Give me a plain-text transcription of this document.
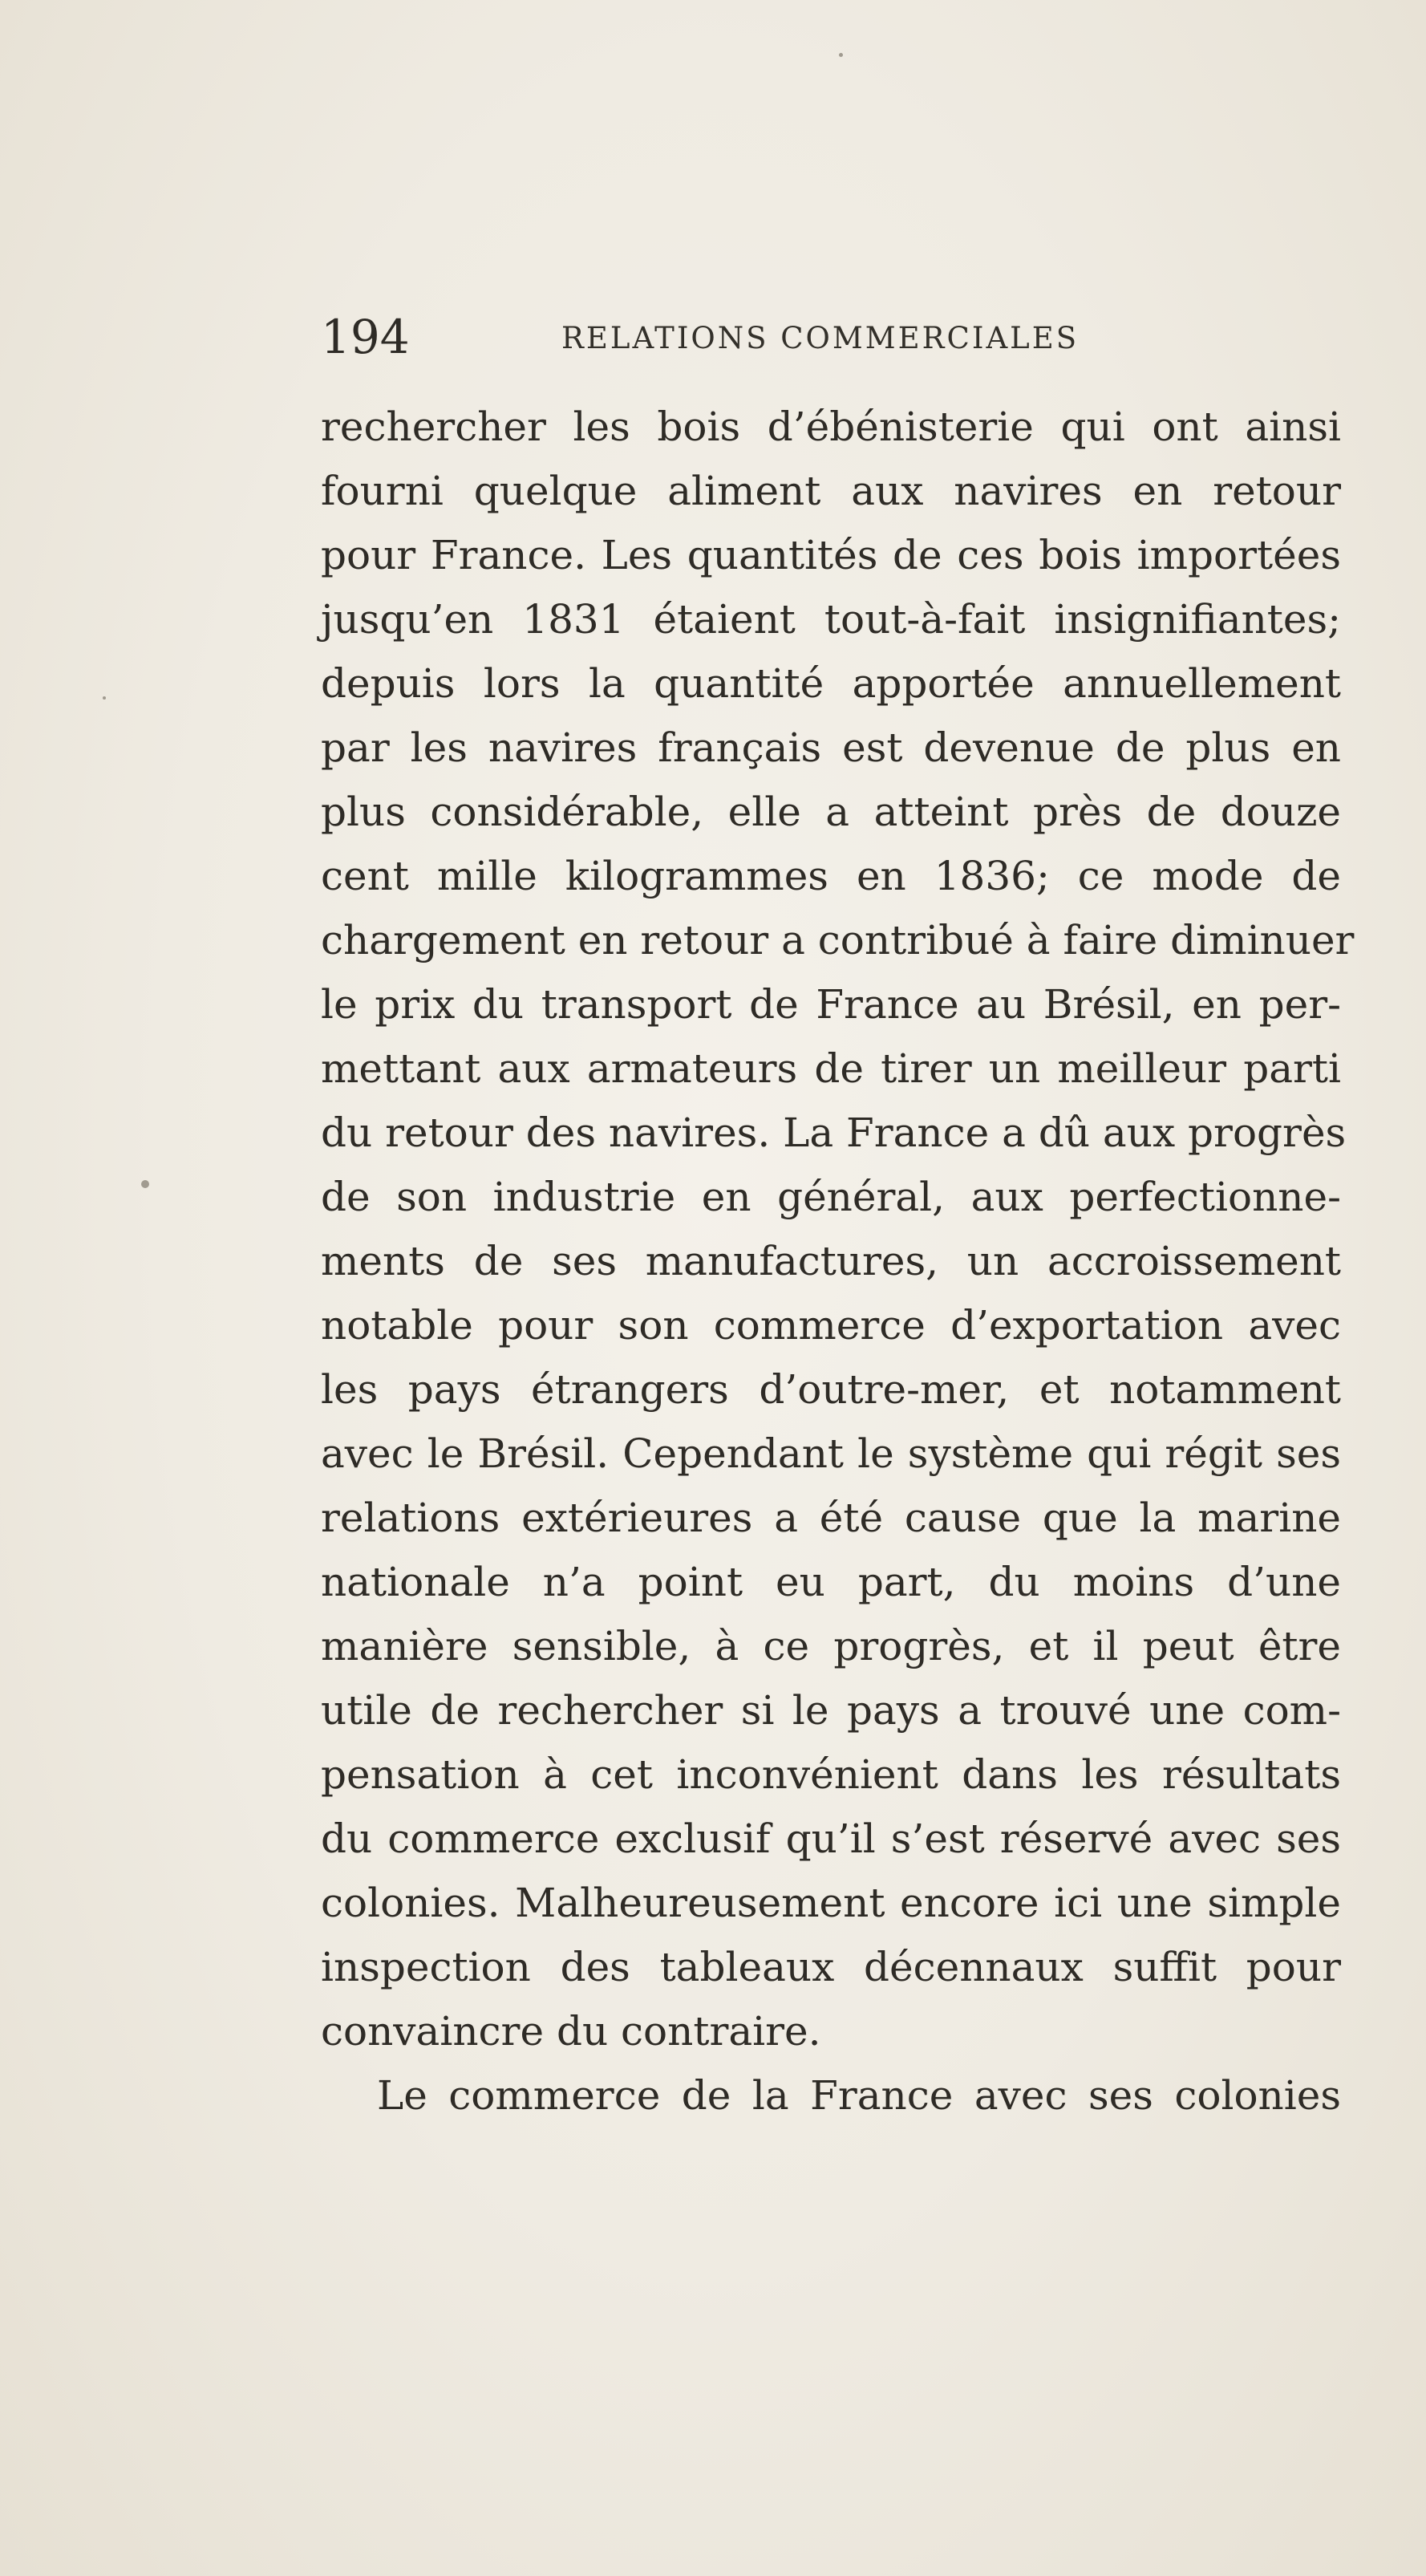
194	RELATIONS COMMERCIALES
rechercher les bois d’ébénisterie qui ont ainsi
fourni quelque aliment aux navires en retour
pour France. Les quantités de ces bois importées
jusqu’en 1831 étaient tout-à-fait insignifiantes;
depuis lors la quantité apportée annuellement
par les navires français est devenue de plus en
plus considérable, elle a atteint près de douze
cent mille kilogrammes en 1836; ce mode de
chargement en retour a contribué à faire diminuer
le prix du transport de France au Brésil, en per-
mettant aux armateurs de tirer un meilleur parti
du retour des navires. La France a dû aux progrès
de son industrie en général, aux perfectionne-
ments de ses manufactures, un accroissement
notable pour son commerce d’exportation avec
les pays étrangers d’outre-mer, et notamment
avec le Brésil. Cependant le système qui régit ses
relations extérieures a été cause que la marine
nationale n’a point eu part, du moins d’une
manière sensible, à ce progrès, et il peut être
utile de rechercher si le pays a trouvé une com-
pensation à cet inconvénient dans les résultats
du commerce exclusif qu’il s’est réservé avec ses
colonies. Malheureusement encore ici une simple
inspection des tableaux décennaux suffit pour
convaincre du contraire.
Le commerce de la France avec ses colonies
